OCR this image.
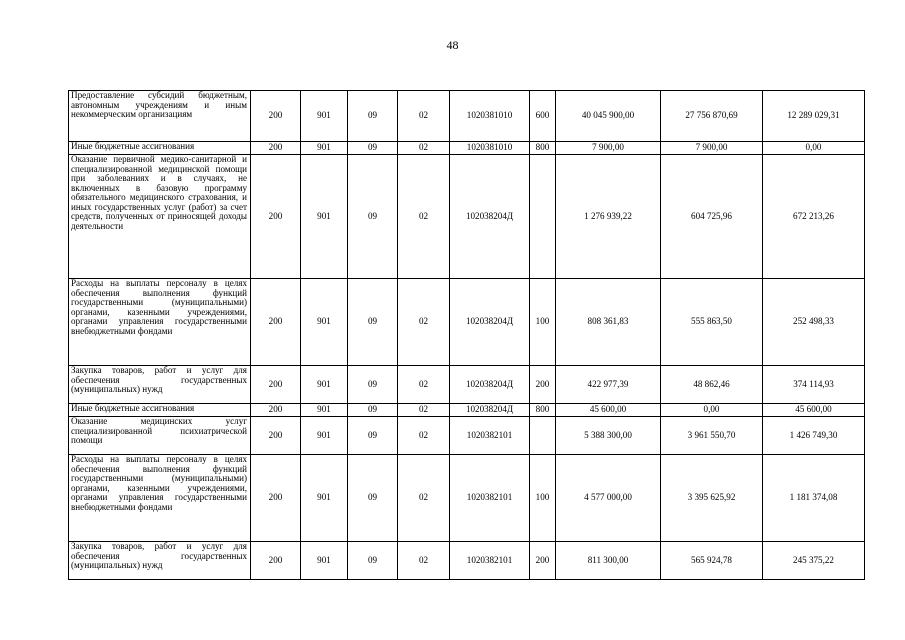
48
Предоставление субсидий бюджетным, автономным учреждениям и иным некоммерческим организациям	200	901	09	02	1020381010	600	40 045 900,00	27 756 870,69	12 289 029,31
Иные бюджетные ассигнования	200	901	09	02	1020381010	800	7 900,00	7 900,00	0,00
Оказание первичной медико-санитарной и специализированной медицинской помощи при заболеваниях и в случаях, не включенных в базовую программу обязательного медицинского страхования, и иных государственных услуг (работ) за счет средств, полученных от приносящей доходы деятельности	200	901	09	02	102038204Д		1 276 939,22	604 725,96	672 213,26
Расходы на выплаты персоналу в целях обеспечения выполнения функций государственными (муниципальными) органами, казенными учреждениями, органами управления государственными внебюджетными фондами	200	901	09	02	102038204Д	100	808 361,83	555 863,50	252 498,33
Закупка товаров, работ и услуг для обеспечения государственных (муниципальных) нужд	200	901	09	02	102038204Д	200	422 977,39	48 862,46	374 114,93
Иные бюджетные ассигнования	200	901	09	02	102038204Д	800	45 600,00	0,00	45 600,00
Оказание медицинских услуг специализированной психиатрической помощи	200	901	09	02	1020382101		5 388 300,00	3 961 550,70	1 426 749,30
Расходы на выплаты персоналу в целях обеспечения выполнения функций государственными (муниципальными) органами, казенными учреждениями, органами управления государственными внебюджетными фондами	200	901	09	02	1020382101	100	4 577 000,00	3 395 625,92	1 181 374,08
Закупка товаров, работ и услуг для обеспечения государственных (муниципальных) нужд	200	901	09	02	1020382101	200	811 300,00	565 924,78	245 375,22
